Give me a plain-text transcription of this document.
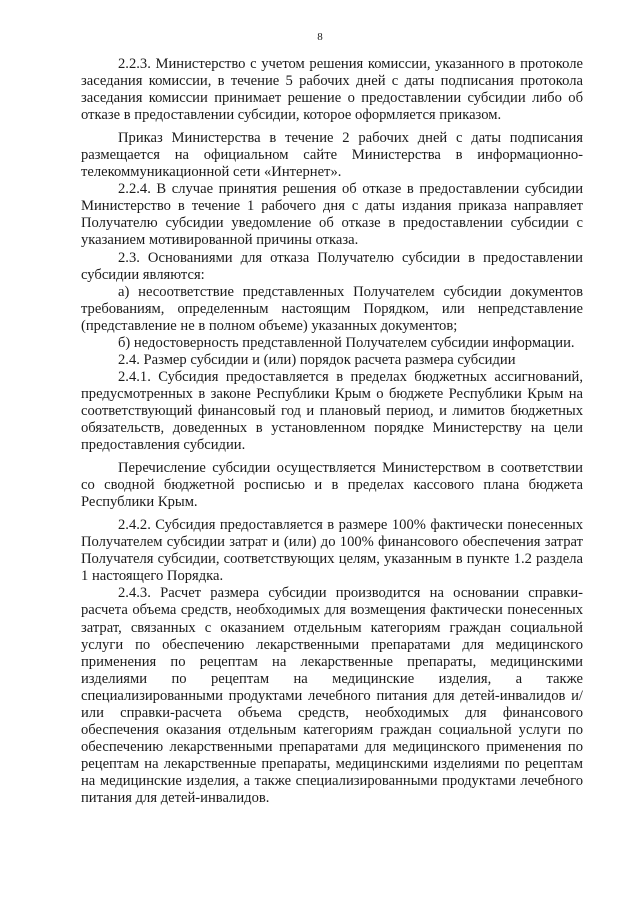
8

2.2.3. Министерство с учетом решения комиссии, указанного в протоколе заседания комиссии, в течение 5 рабочих дней с даты подписания протокола заседания комиссии принимает решение о предоставлении субсидии либо об отказе в предоставлении субсидии, которое оформляется приказом.

Приказ Министерства в течение 2 рабочих дней с даты подписания размещается на официальном сайте Министерства в информационно-телекоммуникационной сети «Интернет».

2.2.4. В случае принятия решения об отказе в предоставлении субсидии Министерство в течение 1 рабочего дня с даты издания приказа направляет Получателю субсидии уведомление об отказе в предоставлении субсидии с указанием мотивированной причины отказа.

2.3. Основаниями для отказа Получателю субсидии в предоставлении субсидии являются:

а) несоответствие представленных Получателем субсидии документов требованиям, определенным настоящим Порядком, или непредставление (представление не в полном объеме) указанных документов;

б) недостоверность представленной Получателем субсидии информации.

2.4. Размер субсидии и (или) порядок расчета размера субсидии

2.4.1. Субсидия предоставляется в пределах бюджетных ассигнований, предусмотренных в законе Республики Крым о бюджете Республики Крым на соответствующий финансовый год и плановый период, и лимитов бюджетных обязательств, доведенных в установленном порядке Министерству на цели предоставления субсидии.

Перечисление субсидии осуществляется Министерством в соответствии со сводной бюджетной росписью и в пределах кассового плана бюджета Республики Крым.

2.4.2. Субсидия предоставляется в размере 100% фактически понесенных Получателем субсидии затрат и (или) до 100% финансового обеспечения затрат Получателя субсидии, соответствующих целям, указанным в пункте 1.2 раздела 1 настоящего Порядка.

2.4.3. Расчет размера субсидии производится на основании справки-расчета объема средств, необходимых для возмещения фактически понесенных затрат, связанных с оказанием отдельным категориям граждан социальной услуги по обеспечению лекарственными препаратами для медицинского применения по рецептам на лекарственные препараты, медицинскими изделиями по рецептам на медицинские изделия, а также специализированными продуктами лечебного питания для детей-инвалидов и/или справки-расчета объема средств, необходимых для финансового обеспечения оказания отдельным категориям граждан социальной услуги по обеспечению лекарственными препаратами для медицинского применения по рецептам на лекарственные препараты, медицинскими изделиями по рецептам на медицинские изделия, а также специализированными продуктами лечебного питания для детей-инвалидов.
